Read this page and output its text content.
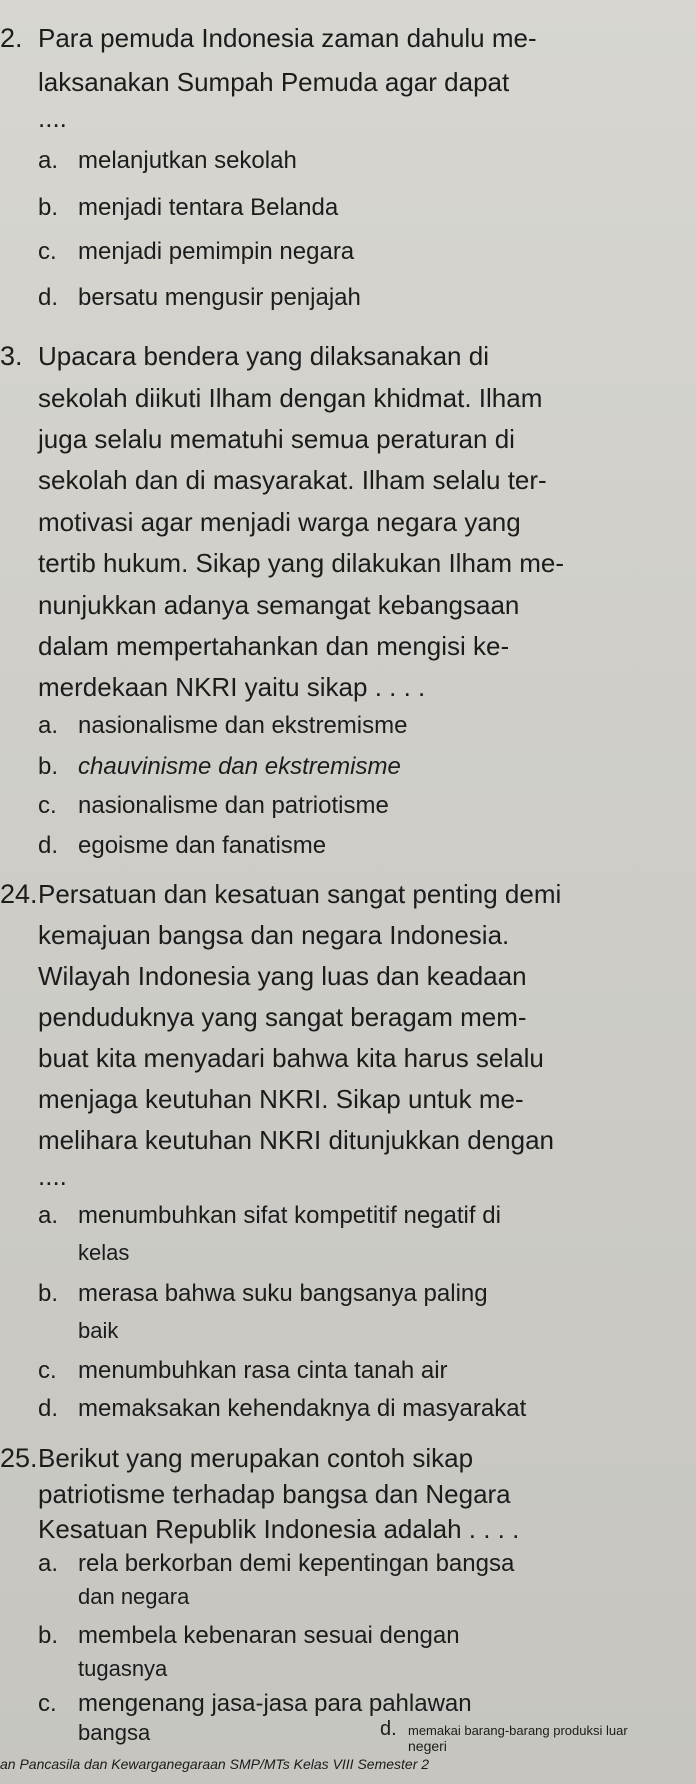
2. Para pemuda Indonesia zaman dahulu me-
laksanakan Sumpah Pemuda agar dapat
....
a. melanjutkan sekolah
b. menjadi tentara Belanda
c. menjadi pemimpin negara
d. bersatu mengusir penjajah
3. Upacara bendera yang dilaksanakan di
sekolah diikuti Ilham dengan khidmat. Ilham
juga selalu mematuhi semua peraturan di
sekolah dan di masyarakat. Ilham selalu ter-
motivasi agar menjadi warga negara yang
tertib hukum. Sikap yang dilakukan Ilham me-
nunjukkan adanya semangat kebangsaan
dalam mempertahankan dan mengisi ke-
merdekaan NKRI yaitu sikap . . . .
a. nasionalisme dan ekstremisme
b. chauvinisme dan ekstremisme
c. nasionalisme dan patriotisme
d. egoisme dan fanatisme
24. Persatuan dan kesatuan sangat penting demi
kemajuan bangsa dan negara Indonesia.
Wilayah Indonesia yang luas dan keadaan
penduduknya yang sangat beragam mem-
buat kita menyadari bahwa kita harus selalu
menjaga keutuhan NKRI. Sikap untuk me-
melihara keutuhan NKRI ditunjukkan dengan
....
a. menumbuhkan sifat kompetitif negatif di
kelas
b. merasa bahwa suku bangsanya paling
baik
c. menumbuhkan rasa cinta tanah air
d. memaksakan kehendaknya di masyarakat
25. Berikut yang merupakan contoh sikap
patriotisme terhadap bangsa dan Negara
Kesatuan Republik Indonesia adalah . . . .
a. rela berkorban demi kepentingan bangsa
dan negara
b. membela kebenaran sesuai dengan
tugasnya
c. mengenang jasa-jasa para pahlawan
bangsa	d. memakai barang-barang produksi luar
negeri
an Pancasila dan Kewarganegaraan SMP/MTs Kelas VIII Semester 2
